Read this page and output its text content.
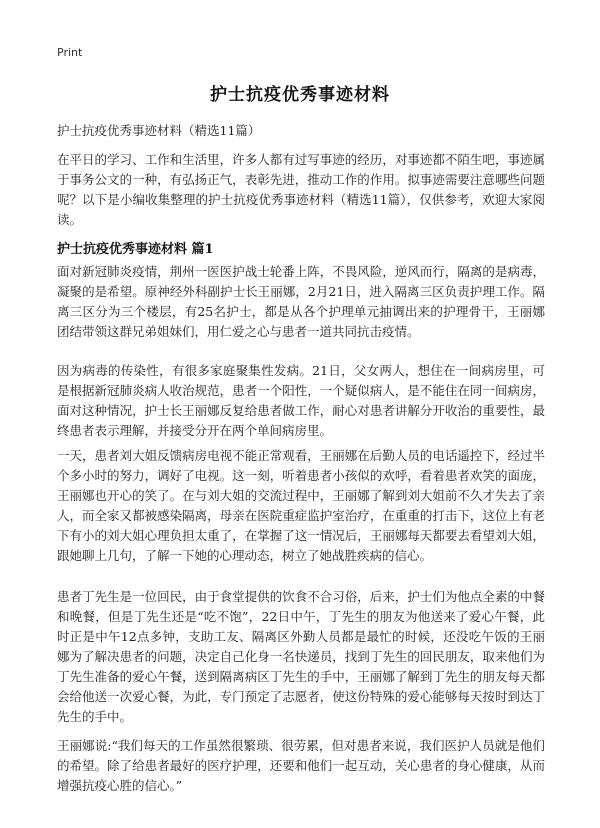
Print
护士抗疫优秀事迹材料
护士抗疫优秀事迹材料（精选11篇）

在平日的学习、工作和生活里，许多人都有过写事迹的经历，对事迹都不陌生吧，事迹属于事务公文的一种，有弘扬正气，表彰先进，推动工作的作用。拟事迹需要注意哪些问题呢？以下是小编收集整理的护士抗疫优秀事迹材料（精选11篇），仅供参考，欢迎大家阅读。

护士抗疫优秀事迹材料 篇1

面对新冠肺炎疫情，荆州一医医护战士轮番上阵，不畏风险，逆风而行，隔离的是病毒，凝聚的是希望。原神经外科副护士长王丽娜，2月21日，进入隔离三区负责护理工作。隔离三区分为三个楼层，有25名护士，都是从各个护理单元抽调出来的护理骨干，王丽娜团结带领这群兄弟姐妹们，用仁爱之心与患者一道共同抗击疫情。

因为病毒的传染性，有很多家庭聚集性发病。21日，父女两人，想住在一间病房里，可是根据新冠肺炎病人收治规范，患者一个阳性，一个疑似病人，是不能住在同一间病房，面对这种情况，护士长王丽娜反复给患者做工作，耐心对患者讲解分开收治的重要性，最终患者表示理解，并接受分开在两个单间病房里。

一天，患者刘大姐反馈病房电视不能正常观看，王丽娜在后勤人员的电话遥控下，经过半个多小时的努力，调好了电视。这一刻，听着患者小孩似的欢呼，看着患者欢笑的面庞，王丽娜也开心的笑了。在与刘大姐的交流过程中，王丽娜了解到刘大姐前不久才失去了亲人，而全家又都被感染隔离，母亲在医院重症监护室治疗，在重重的打击下，这位上有老下有小的刘大姐心理负担太重了，在掌握了这一情况后，王丽娜每天都要去看望刘大姐，跟她聊上几句，了解一下她的心理动态，树立了她战胜疾病的信心。

患者丁先生是一位回民，由于食堂提供的饮食不合习俗，后来，护士们为他点全素的中餐和晚餐，但是丁先生还是“吃不饱”，22日中午，丁先生的朋友为他送来了爱心午餐，此时正是中午12点多钟，支助工友、隔离区外勤人员都是最忙的时候，还没吃午饭的王丽娜为了解决患者的问题，决定自己化身一名快递员，找到丁先生的回民朋友，取来他们为丁先生准备的爱心午餐，送到隔离病区丁先生的手中，王丽娜了解到丁先生的朋友每天都会给他送一次爱心餐，为此，专门预定了志愿者，使这份特殊的爱心能够每天按时到达丁先生的手中。

王丽娜说:“我们每天的工作虽然很繁琐、很劳累，但对患者来说，我们医护人员就是他们的希望。除了给患者最好的医疗护理，还要和他们一起互动，关心患者的身心健康，从而增强抗疫心胜的信心。”
